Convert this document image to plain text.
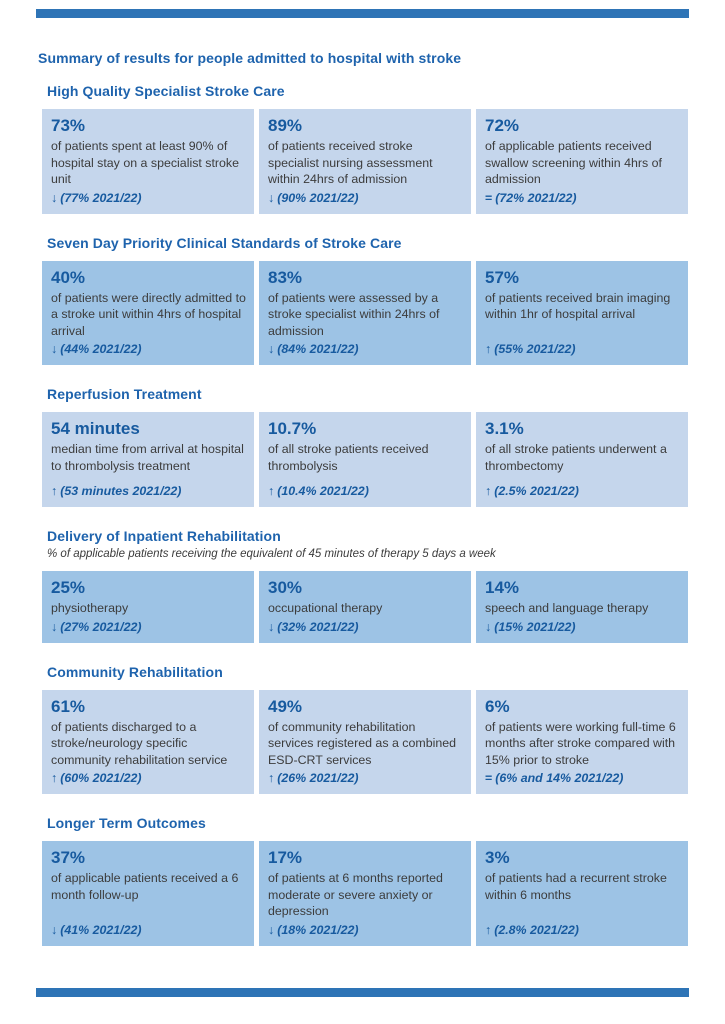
Summary of results for people admitted to hospital with stroke
High Quality Specialist Stroke Care
73%
of patients spent at least 90% of hospital stay on a specialist stroke unit
↓ (77% 2021/22)
89%
of patients received stroke specialist nursing assessment within 24hrs of admission
↓ (90% 2021/22)
72%
of applicable patients received swallow screening within 4hrs of admission
= (72% 2021/22)
Seven Day Priority Clinical Standards of Stroke Care
40%
of patients were directly admitted to a stroke unit within 4hrs of hospital arrival
↓ (44% 2021/22)
83%
of patients were assessed by a stroke specialist within 24hrs of admission
↓ (84% 2021/22)
57%
of patients received brain imaging within 1hr of hospital arrival
↑ (55% 2021/22)
Reperfusion Treatment
54 minutes
median time from arrival at hospital to thrombolysis treatment
↑ (53 minutes 2021/22)
10.7%
of all stroke patients received thrombolysis
↑ (10.4% 2021/22)
3.1%
of all stroke patients underwent a thrombectomy
↑ (2.5% 2021/22)
Delivery of Inpatient Rehabilitation

% of applicable patients receiving the equivalent of 45 minutes of therapy 5 days a week

25%
physiotherapy
↓ (27% 2021/22)
30%
occupational therapy
↓ (32% 2021/22)
14%
speech and language therapy
↓ (15% 2021/22)
Community Rehabilitation
61%
of patients discharged to a stroke/neurology specific community rehabilitation service
↑ (60% 2021/22)
49%
of community rehabilitation services registered as a combined ESD-CRT services
↑ (26% 2021/22)
6%
of patients were working full-time 6 months after stroke compared with 15% prior to stroke
= (6% and 14% 2021/22)
Longer Term Outcomes
37%
of applicable patients received a 6 month follow-up
↓ (41% 2021/22)
17%
of patients at 6 months reported moderate or severe anxiety or depression
↓ (18% 2021/22)
3%
of patients had a recurrent stroke within 6 months
↑ (2.8% 2021/22)
